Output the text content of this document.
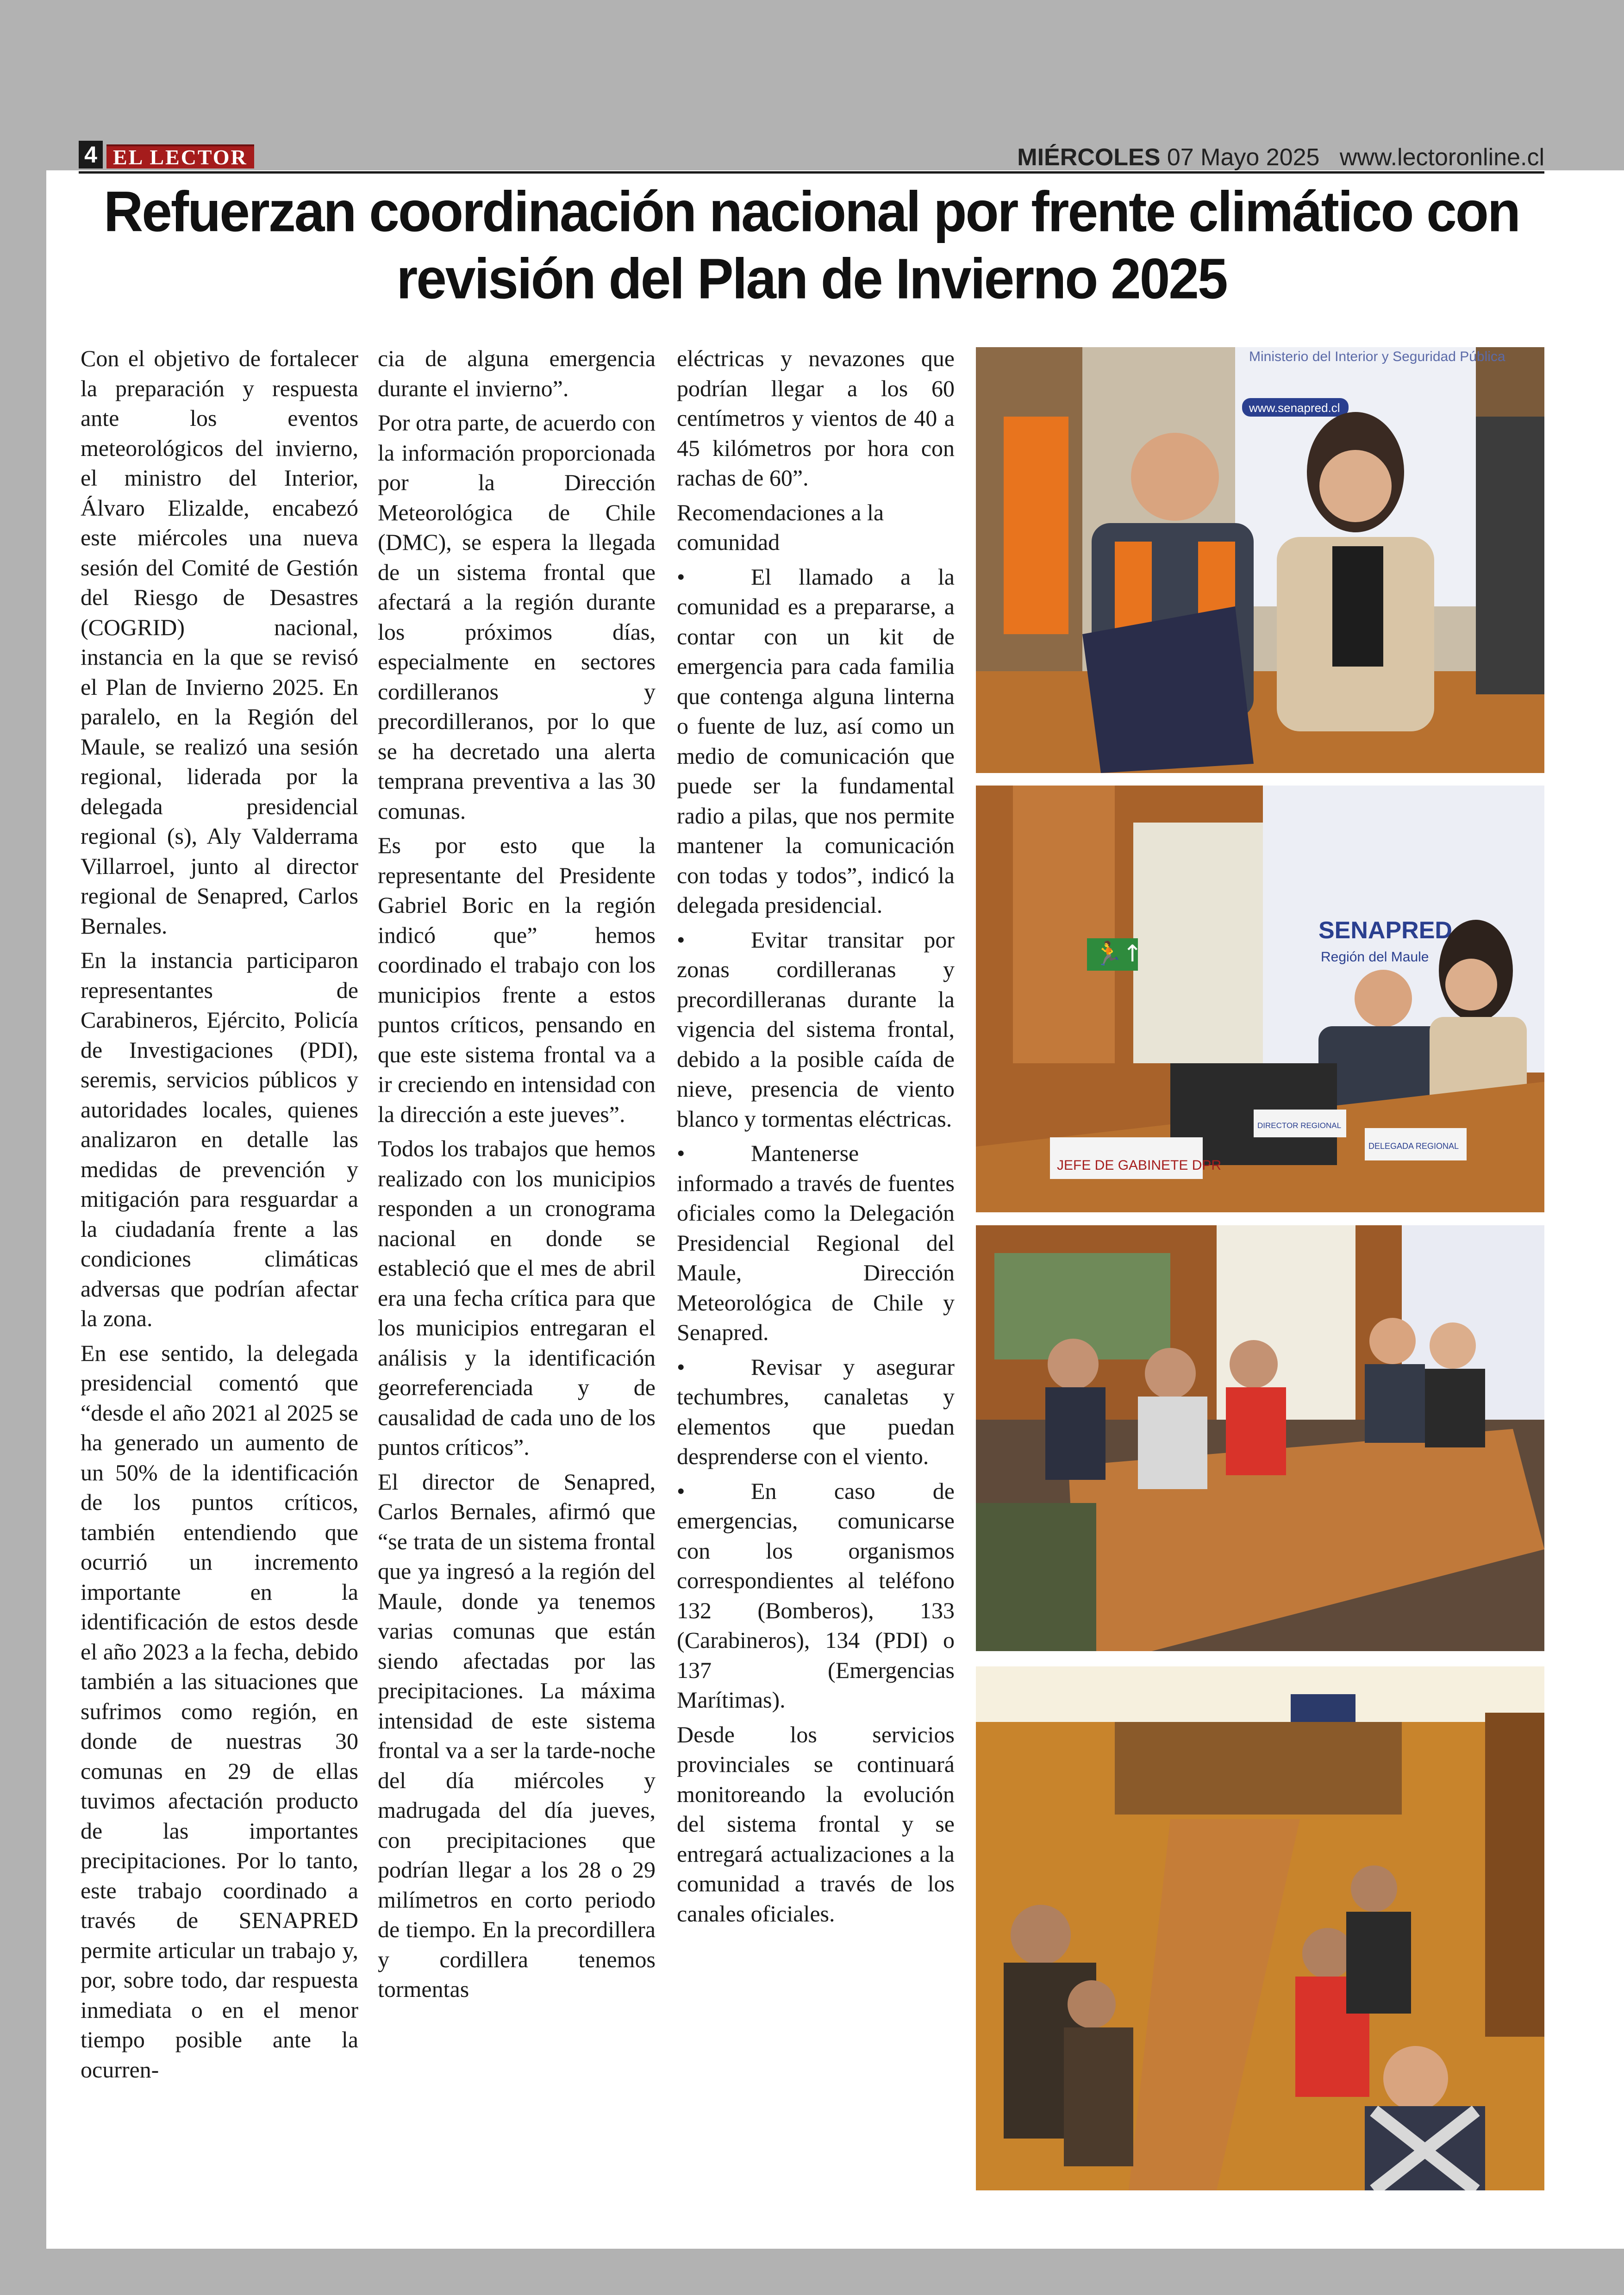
4 EL LECTOR	MIÉRCOLES 07 Mayo 2025 www.lectoronline.cl
Refuerzan coordinación nacional por frente climático con revisión del Plan de Invierno 2025

Con el objetivo de fortalecer la preparación y respuesta ante los eventos meteorológicos del invierno, el ministro del Interior, Álvaro Elizalde, encabezó este miércoles una nueva sesión del Comité de Gestión del Riesgo de Desastres (COGRID) nacional, instancia en la que se revisó el Plan de Invierno 2025. En paralelo, en la Región del Maule, se realizó una sesión regional, liderada por la delegada presidencial regional (s), Aly Valderrama Villarroel, junto al director regional de Senapred, Carlos Bernales.

En la instancia participaron representantes de Carabineros, Ejército, Policía de Investigaciones (PDI), seremis, servicios públicos y autoridades locales, quienes analizaron en detalle las medidas de prevención y mitigación para resguardar a la ciudadanía frente a las condiciones climáticas adversas que podrían afectar la zona.

En ese sentido, la delegada presidencial comentó que “desde el año 2021 al 2025 se ha generado un aumento de un 50% de la identificación de los puntos críticos, también entendiendo que ocurrió un incremento importante en la identificación de estos desde el año 2023 a la fecha, debido también a las situaciones que sufrimos como región, en donde de nuestras 30 comunas en 29 de ellas tuvimos afectación producto de las importantes precipitaciones. Por lo tanto, este trabajo coordinado a través de SENAPRED permite articular un trabajo y, por, sobre todo, dar respuesta inmediata o en el menor tiempo posible ante la ocurren-

cia de alguna emergencia durante el invierno”.

Por otra parte, de acuerdo con la información proporcionada por la Dirección Meteorológica de Chile (DMC), se espera la llegada de un sistema frontal que afectará a la región durante los próximos días, especialmente en sectores cordilleranos y precordilleranos, por lo que se ha decretado una alerta temprana preventiva a las 30 comunas.

Es por esto que la representante del Presidente Gabriel Boric en la región indicó que” hemos coordinado el trabajo con los municipios frente a estos puntos críticos, pensando en que este sistema frontal va a ir creciendo en intensidad con la dirección a este jueves”.

Todos los trabajos que hemos realizado con los municipios responden a un cronograma nacional en donde se estableció que el mes de abril era una fecha crítica para que los municipios entregaran el análisis y la identificación georreferenciada y de causalidad de cada uno de los puntos críticos”.

El director de Senapred, Carlos Bernales, afirmó que “se trata de un sistema frontal que ya ingresó a la región del Maule, donde ya tenemos varias comunas que están siendo afectadas por las precipitaciones. La máxima intensidad de este sistema frontal va a ser la tarde-noche del día miércoles y madrugada del día jueves, con precipitaciones que podrían llegar a los 28 o 29 milímetros en corto periodo de tiempo. En la precordillera y cordillera tenemos tormentas

eléctricas y nevazones que podrían llegar a los 60 centímetros y vientos de 40 a 45 kilómetros por hora con rachas de 60”.

Recomendaciones a la comunidad

•	El llamado a la comunidad es a prepararse, a contar con un kit de emergencia para cada familia que contenga alguna linterna o fuente de luz, así como un medio de comunicación que puede ser la fundamental radio a pilas, que nos permite mantener la comunicación con todas y todos”, indicó la delegada presidencial.

•	Evitar transitar por zonas cordilleranas y precordilleranas durante la vigencia del sistema frontal, debido a la posible caída de nieve, presencia de viento blanco y tormentas eléctricas.

•	Mantenerse informado a través de fuentes oficiales como la Delegación Presidencial Regional del Maule, Dirección Meteorológica de Chile y Senapred.

•	Revisar y asegurar techumbres, canaletas y elementos que puedan desprenderse con el viento.

•	En caso de emergencias, comunicarse con los organismos correspondientes al teléfono 132 (Bomberos), 133 (Carabineros), 134 (PDI) o 137 (Emergencias Marítimas).

Desde los servicios provinciales se continuará monitoreando la evolución del sistema frontal y se entregará actualizaciones a la comunidad a través de los canales oficiales.

Ministerio del Interior y Seguridad Pública
www.senapred.cl
🏃↑
SENAPRED
Región del Maule
JEFE DE GABINETE DPR
DIRECTOR REGIONAL
DELEGADA REGIONAL
